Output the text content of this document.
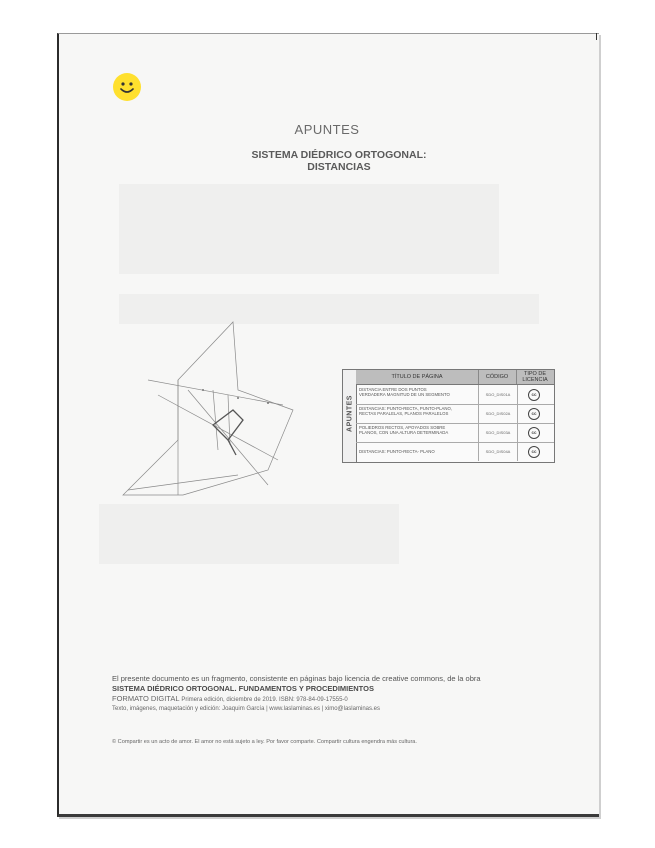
APUNTES
SISTEMA DIÉDRICO ORTOGONAL:
DISTANCIAS
APUNTES
TÍTULO DE PÁGINA	CÓDIGO	TIPO DE
LICENCIA
DISTANCIA ENTRE DOS PUNTOS
VERDADERA MAGNITUD DE UN SEGMENTO	SDO_DIS01A	cc
DISTANCIAS: PUNTO-RECTA, PUNTO-PLANO,
RECTAS PARALELAS, PLANOS PARALELOS	SDO_DIS02A	cc
POLIEDROS RECTOS, APOYADOS SOBRE
PLANOS, CON UNA ALTURA DETERMINADA	SDO_DIS03A	cc
DISTANCIAS: PUNTO-RECTA- PLANO	SDO_DIS04A	cc
El presente documento es un fragmento, consistente en páginas bajo licencia de creative commons, de la obra
SISTEMA DIÉDRICO ORTOGONAL. FUNDAMENTOS Y PROCEDIMIENTOS
FORMATO DIGITAL Primera edición, diciembre de 2019. ISBN: 978-84-09-17555-0
Texto, imágenes, maquetación y edición: Joaquim García | www.laslaminas.es | ximo@laslaminas.es
© Compartir es un acto de amor. El amor no está sujeto a ley. Por favor comparte. Compartir cultura engendra más cultura.
